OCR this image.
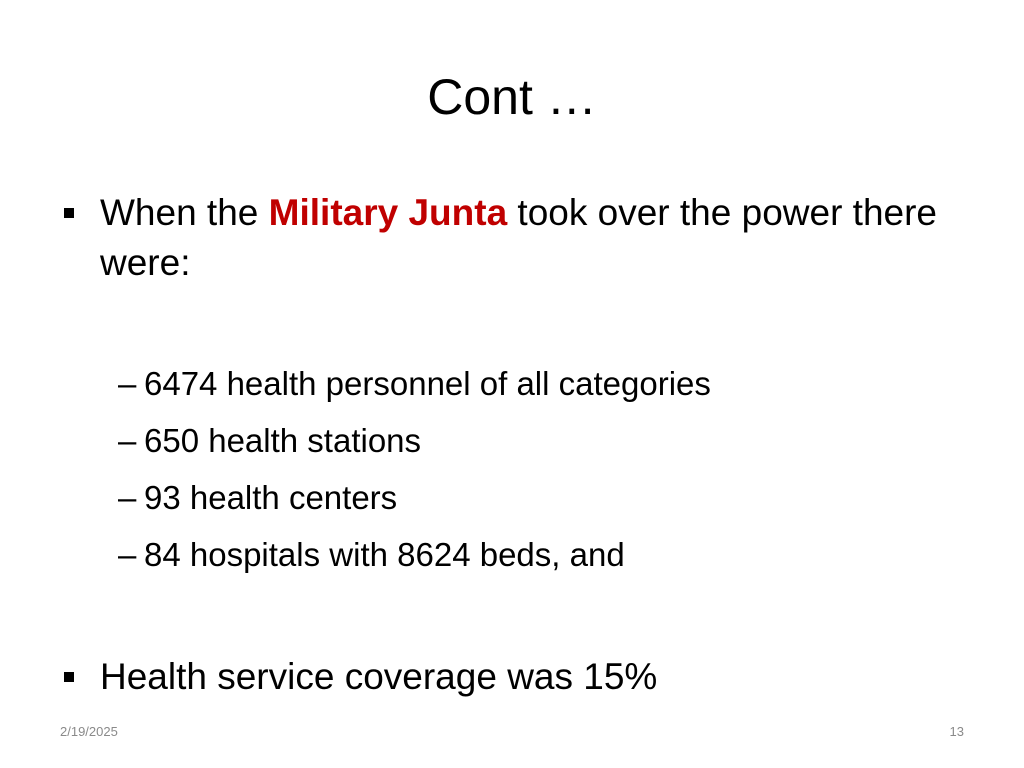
Cont …
When the Military Junta took over the power there were:
– 6474 health personnel of all categories
– 650 health stations
– 93 health centers
– 84 hospitals with 8624 beds, and
Health service coverage was 15%
2/19/2025	13
